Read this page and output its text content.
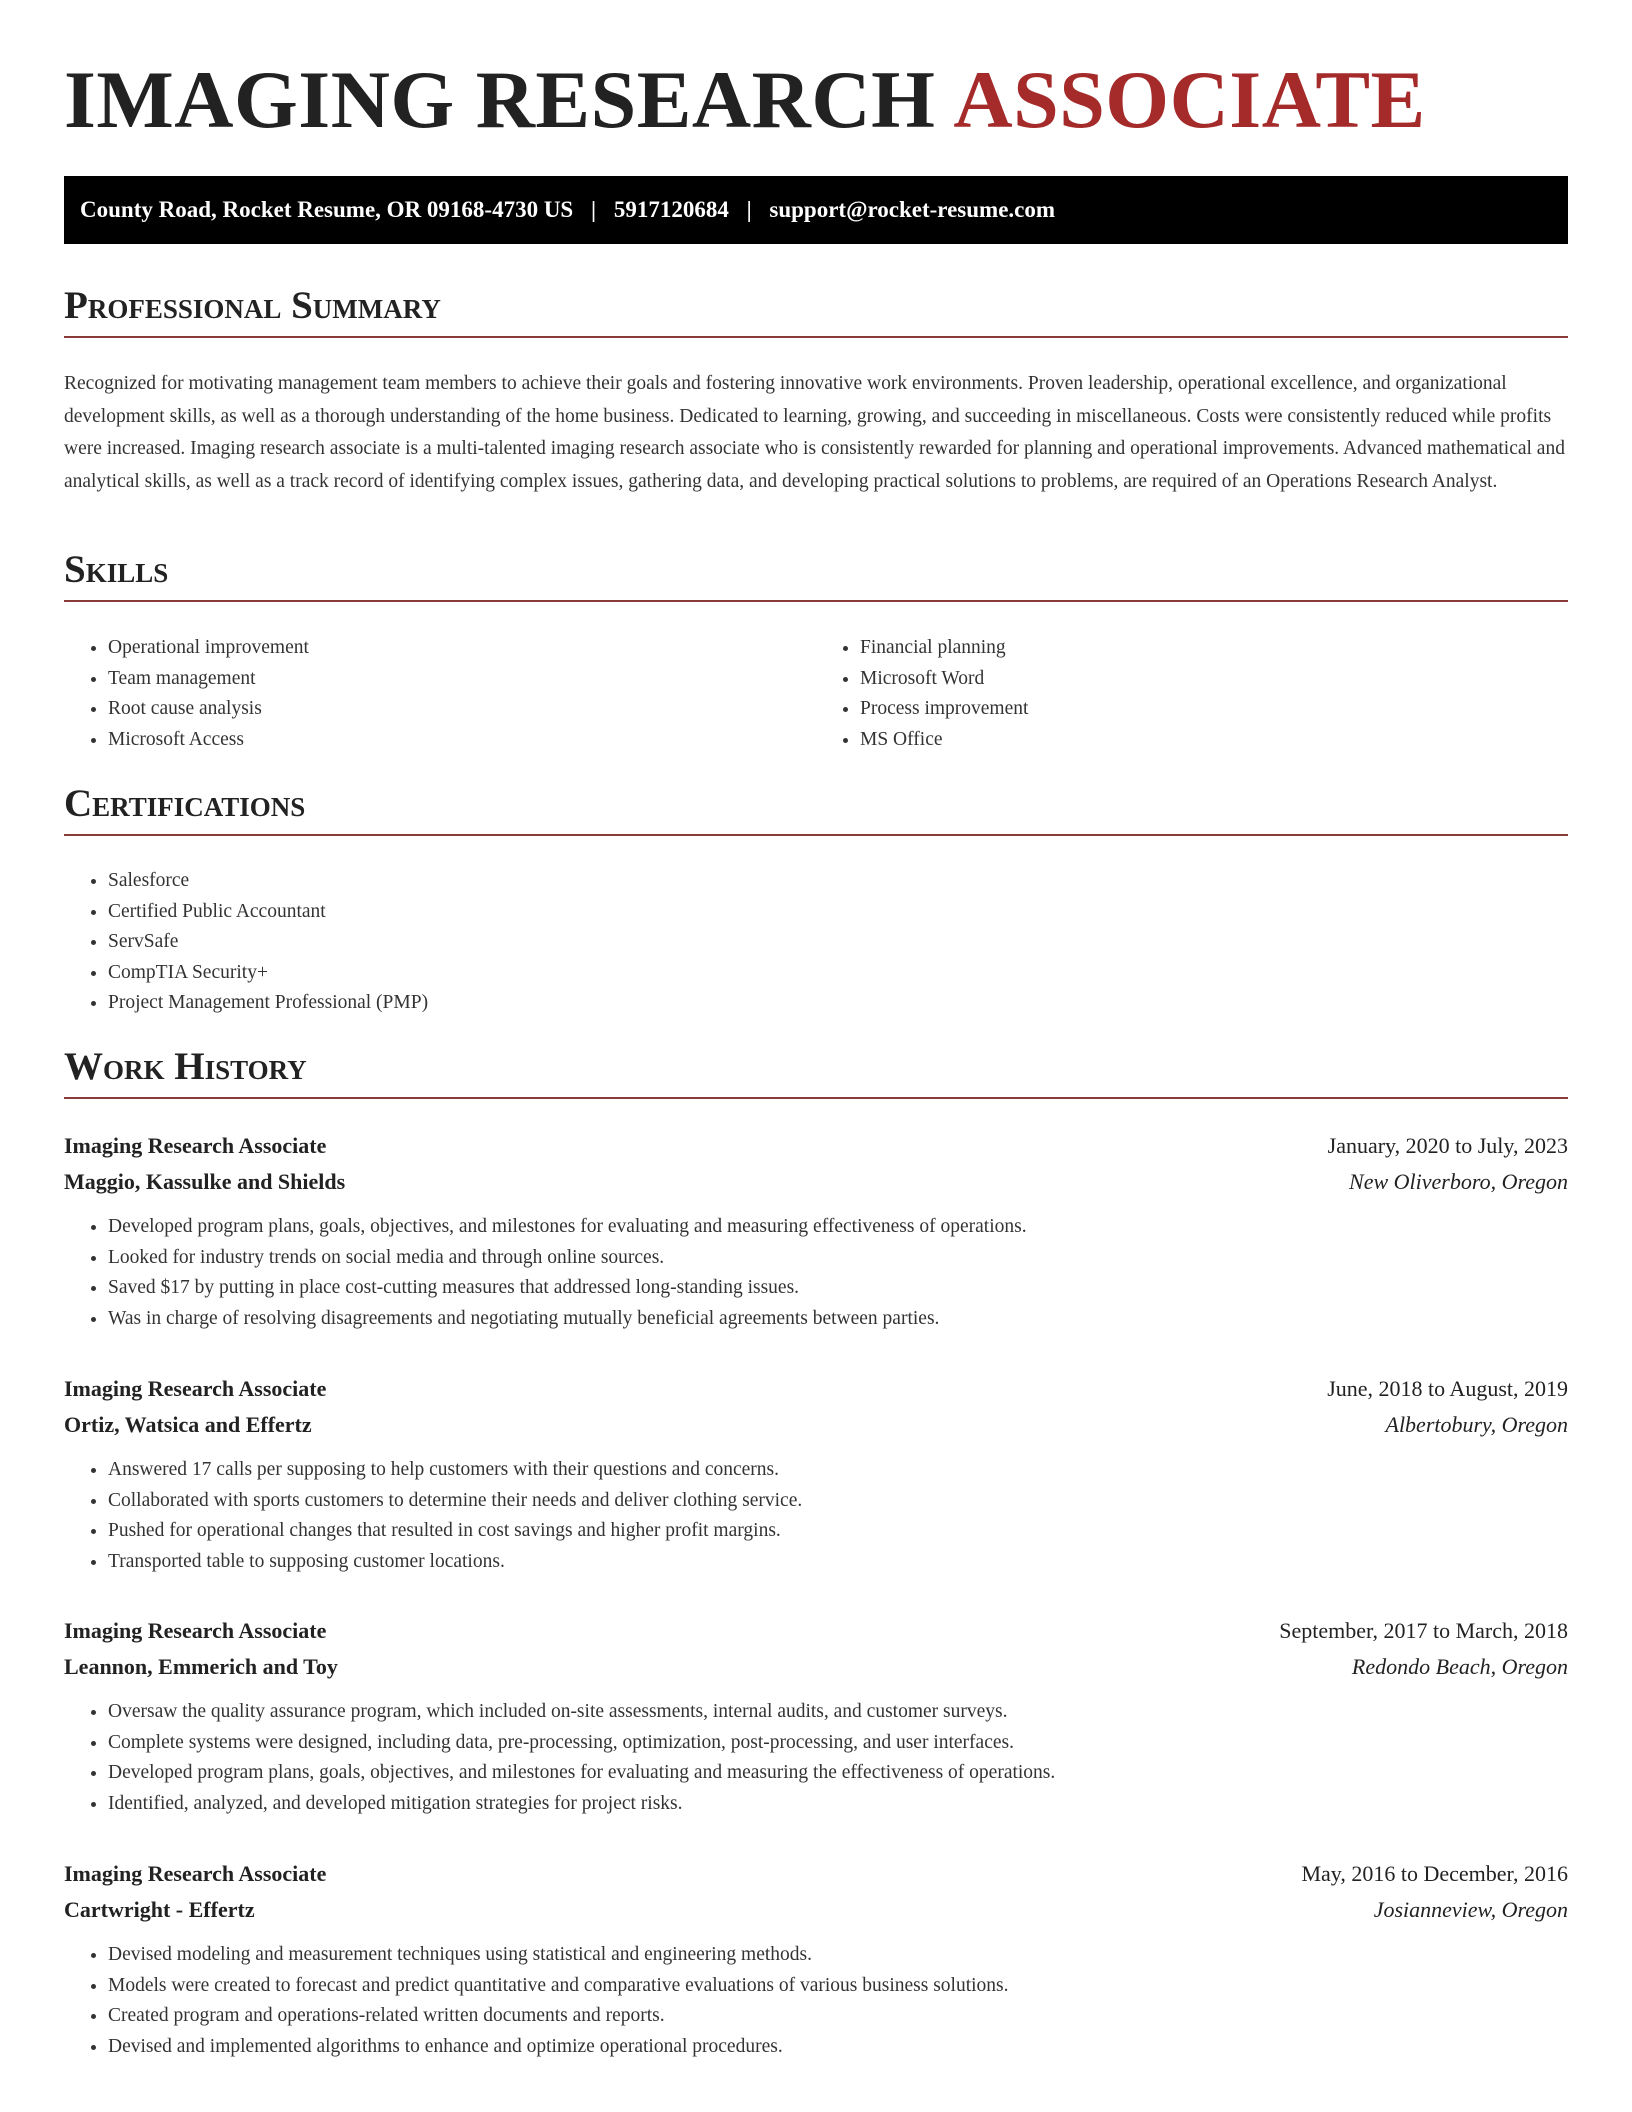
IMAGING RESEARCH ASSOCIATE
County Road, Rocket Resume, OR 09168-4730 US | 5917120684 | support@rocket-resume.com
Professional Summary

Recognized for motivating management team members to achieve their goals and fostering innovative work environments. Proven leadership, operational excellence, and organizational development skills, as well as a thorough understanding of the home business. Dedicated to learning, growing, and succeeding in miscellaneous. Costs were consistently reduced while profits were increased. Imaging research associate is a multi-talented imaging research associate who is consistently rewarded for planning and operational improvements. Advanced mathematical and analytical skills, as well as a track record of identifying complex issues, gathering data, and developing practical solutions to problems, are required of an Operations Research Analyst.

Skills
• Operational improvement
• Team management
• Root cause analysis
• Microsoft Access
• Financial planning
• Microsoft Word
• Process improvement
• MS Office
Certifications
• Salesforce
• Certified Public Accountant
• ServSafe
• CompTIA Security+
• Project Management Professional (PMP)
Work History
Imaging Research Associate	January, 2020 to July, 2023
Maggio, Kassulke and Shields	New Oliverboro, Oregon
• Developed program plans, goals, objectives, and milestones for evaluating and measuring effectiveness of operations.
• Looked for industry trends on social media and through online sources.
• Saved $17 by putting in place cost-cutting measures that addressed long-standing issues.
• Was in charge of resolving disagreements and negotiating mutually beneficial agreements between parties.
Imaging Research Associate	June, 2018 to August, 2019
Ortiz, Watsica and Effertz	Albertobury, Oregon
• Answered 17 calls per supposing to help customers with their questions and concerns.
• Collaborated with sports customers to determine their needs and deliver clothing service.
• Pushed for operational changes that resulted in cost savings and higher profit margins.
• Transported table to supposing customer locations.
Imaging Research Associate	September, 2017 to March, 2018
Leannon, Emmerich and Toy	Redondo Beach, Oregon
• Oversaw the quality assurance program, which included on-site assessments, internal audits, and customer surveys.
• Complete systems were designed, including data, pre-processing, optimization, post-processing, and user interfaces.
• Developed program plans, goals, objectives, and milestones for evaluating and measuring the effectiveness of operations.
• Identified, analyzed, and developed mitigation strategies for project risks.
Imaging Research Associate	May, 2016 to December, 2016
Cartwright - Effertz	Josianneview, Oregon
• Devised modeling and measurement techniques using statistical and engineering methods.
• Models were created to forecast and predict quantitative and comparative evaluations of various business solutions.
• Created program and operations-related written documents and reports.
• Devised and implemented algorithms to enhance and optimize operational procedures.
